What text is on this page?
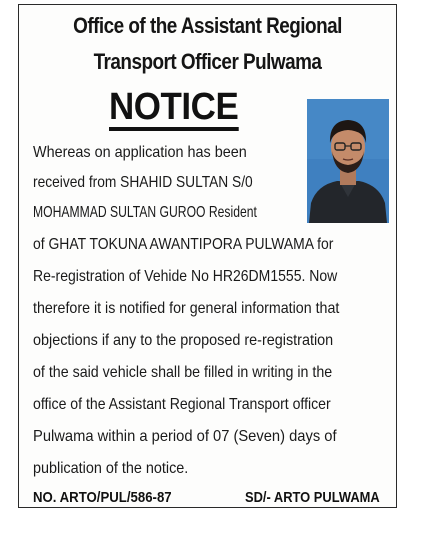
Office of the Assistant Regional
Transport Officer Pulwama
NOTICE
Whereas on application has been
received from SHAHID SULTAN S/0
MOHAMMAD SULTAN GUROO Resident
of GHAT TOKUNA AWANTIPORA PULWAMA for
Re-registration of Vehide No HR26DM1555. Now
therefore it is notified for general information that
objections if any to the proposed re-registration
of the said vehicle shall be filled in writing in the
office of the Assistant Regional Transport officer
Pulwama within a period of 07 (Seven) days of
publication of the notice.
NO. ARTO/PUL/586-87	SD/- ARTO PULWAMA
